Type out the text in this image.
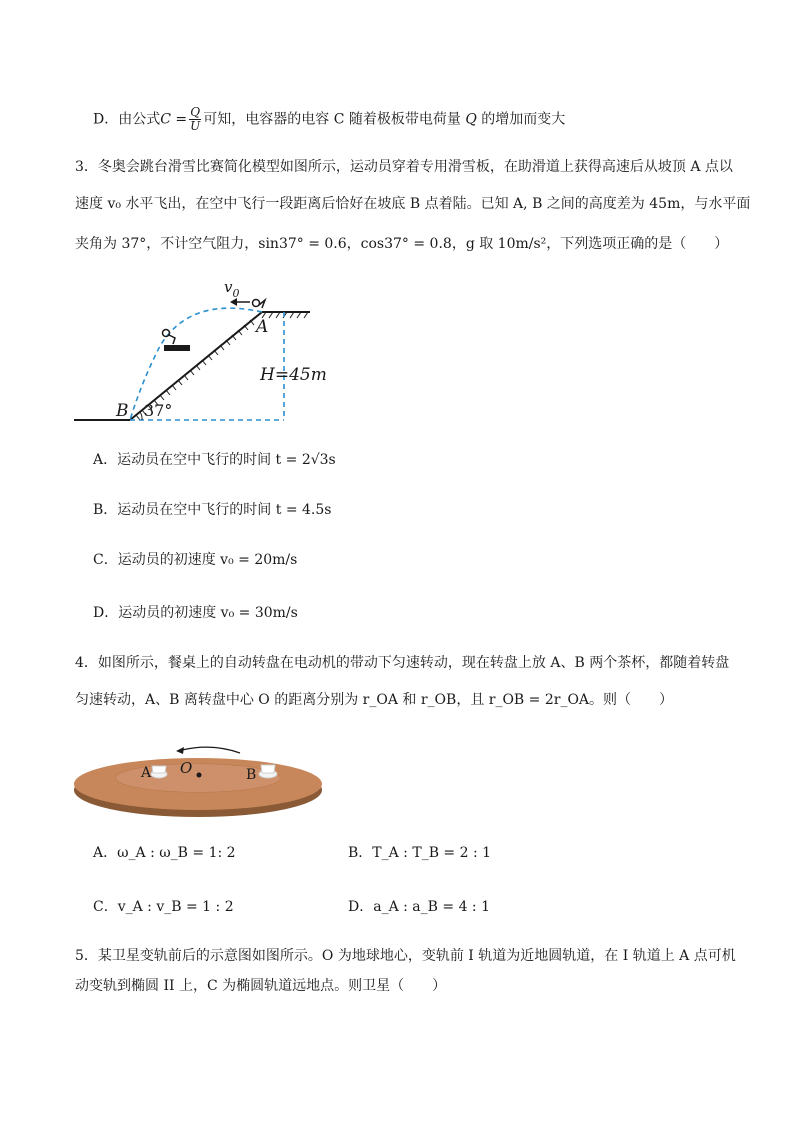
D．由公式$C = \frac{Q}{U}$ 可知，电容器的电容 C 随着极板带电荷量 Q 的增加而变大
3．冬奥会跳台滑雪比赛简化模型如图所示，运动员穿着专用滑雪板，在助滑道上获得高速后从坡顶 A 点以
速度 v₀ 水平飞出，在空中飞行一段距离后恰好在坡底 B 点着陆。已知 A, B 之间的高度差为 45m，与水平面
夹角为 37°，不计空气阻力，sin37° = 0.6，cos37° = 0.8，g 取 10m/s²，下列选项正确的是（　　）
$v_0$
A
B
H=45m
37°
A．运动员在空中飞行的时间 t = 2√3s
B．运动员在空中飞行的时间 t = 4.5s
C．运动员的初速度 v₀ = 20m/s
D．运动员的初速度 v₀ = 30m/s
4．如图所示，餐桌上的自动转盘在电动机的带动下匀速转动，现在转盘上放 A、B 两个茶杯，都随着转盘
匀速转动，A、B 离转盘中心 O 的距离分别为 r_OA 和 r_OB，且 r_OB = 2r_OA。则（　　）
A	B
O
A．ω_A : ω_B = 1: 2	B．T_A : T_B = 2 : 1
C．v_A : v_B = 1 : 2	D．a_A : a_B = 4 : 1
5．某卫星变轨前后的示意图如图所示。O 为地球地心，变轨前 I 轨道为近地圆轨道，在 I 轨道上 A 点可机
动变轨到椭圆 II 上，C 为椭圆轨道远地点。则卫星（　　）
